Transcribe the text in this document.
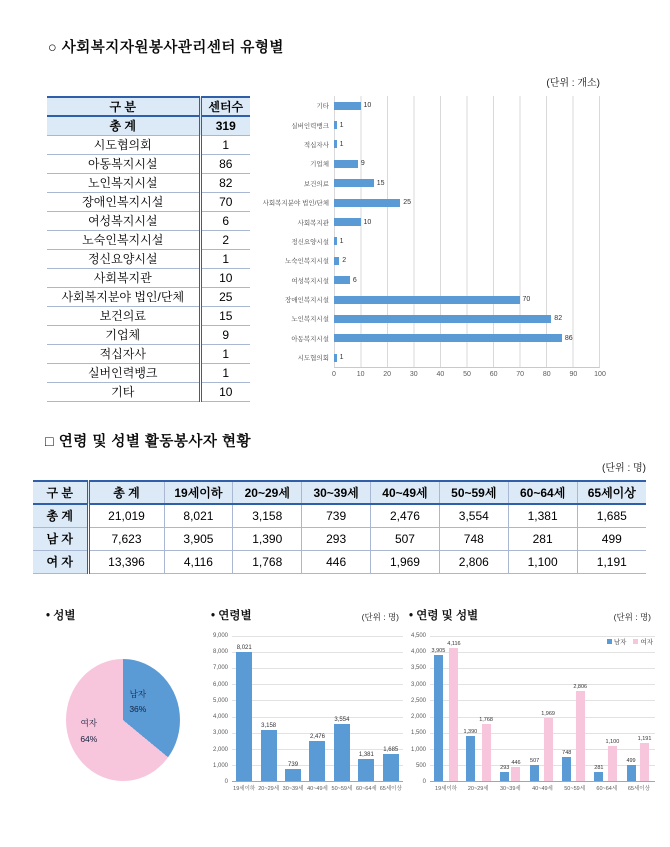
○ 사회복지자원봉사관리센터 유형별
(단위 : 개소)
구 분	센터수
총 계	319
시도협의회	1
아동복지시설	86
노인복지시설	82
장애인복지시설	70
여성복지시설	6
노숙인복지시설	2
정신요양시설	1
사회복지관	10
사회복지분야 법인/단체	25
보건의료	15
기업체	9
적십자사	1
실버인력뱅크	1
기타	10
기타
실버인력뱅크
적십자사
기업체
보건의료
사회복지분야 법인/단체
사회복지관
정신요양시설
노숙인복지시설
여성복지시설
장애인복지시설
노인복지시설
아동복지시설
시도협의회
10
1
1
9
15
25
10
1
2
6
70
82
86
1
0	10	20	30	40	50	60	70	80	90 100
□ 연령 및 성별 활동봉사자 현황
(단위 : 명)
구 분	총 계	19세이하	20~29세	30~39세	40~49세	50~59세	60~64세	65세이상
총 계	21,019	8,021	3,158	739	2,476	3,554	1,381	1,685
남 자	7,623	3,905	1,390	293	507	748	281	499
여 자	13,396	4,116	1,768	446	1,969	2,806	1,100	1,191
• 성별
남자
36%
여자
64%
• 연령별	(단위 : 명)
0
1,000
2,000
3,000
4,000
5,000
6,000
7,000
8,000
9,000
8,021
3,158
739
2,476
3,554
1,381
1,685
19세이하 20~29세 30~39세 40~49세 50~59세 60~64세 65세이상
• 연령 및 성별	(단위 : 명)
0
500
1,000
1,500
2,000
2,500
3,000
3,500
4,000
4,500
3,905
4,116
1,390
1,768
293
446 507
1,969
748
2,806
281
1,100
499
1,191
남자 여자
19세이하	20~29세	30~39세	40~49세	50~59세	60~64세	65세이상
